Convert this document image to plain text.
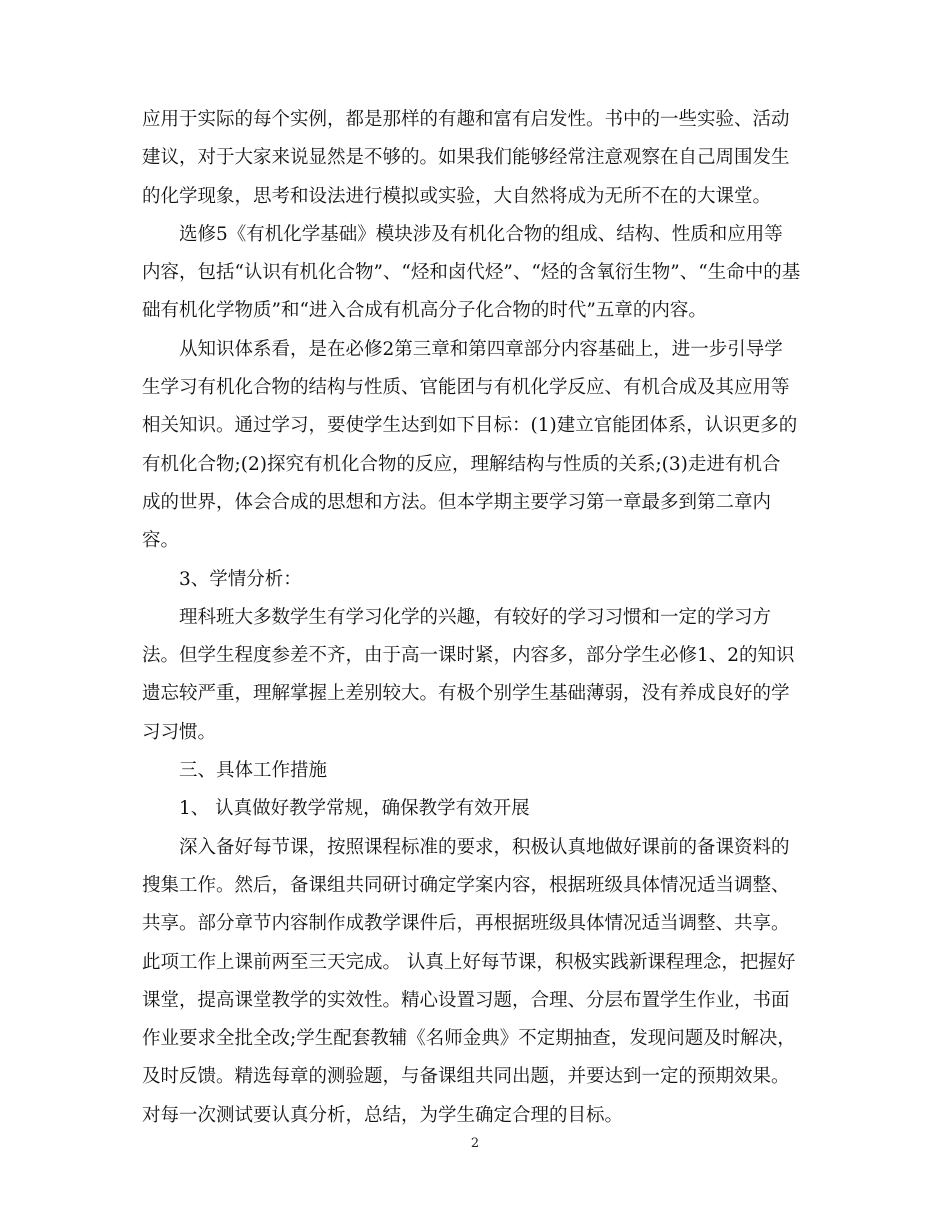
应用于实际的每个实例，都是那样的有趣和富有启发性。书中的一些实验、活动
建议，对于大家来说显然是不够的。如果我们能够经常注意观察在自己周围发生
的化学现象，思考和设法进行模拟或实验，大自然将成为无所不在的大课堂。
选修5《有机化学基础》模块涉及有机化合物的组成、结构、性质和应用等
内容，包括“认识有机化合物”、“烃和卤代烃”、“烃的含氧衍生物”、“生命中的基
础有机化学物质”和“进入合成有机高分子化合物的时代”五章的内容。
从知识体系看，是在必修2第三章和第四章部分内容基础上，进一步引导学
生学习有机化合物的结构与性质、官能团与有机化学反应、有机合成及其应用等
相关知识。通过学习，要使学生达到如下目标：(1)建立官能团体系，认识更多的
有机化合物;(2)探究有机化合物的反应，理解结构与性质的关系;(3)走进有机合
成的世界，体会合成的思想和方法。但本学期主要学习第一章最多到第二章内
容。
3、学情分析：
理科班大多数学生有学习化学的兴趣，有较好的学习习惯和一定的学习方
法。但学生程度参差不齐，由于高一课时紧，内容多，部分学生必修1、2的知识
遗忘较严重，理解掌握上差别较大。有极个别学生基础薄弱，没有养成良好的学
习习惯。
三、具体工作措施
1、 认真做好教学常规，确保教学有效开展
深入备好每节课，按照课程标准的要求，积极认真地做好课前的备课资料的
搜集工作。然后，备课组共同研讨确定学案内容，根据班级具体情况适当调整、
共享。部分章节内容制作成教学课件后，再根据班级具体情况适当调整、共享。
此项工作上课前两至三天完成。 认真上好每节课，积极实践新课程理念，把握好
课堂，提高课堂教学的实效性。精心设置习题，合理、分层布置学生作业，书面
作业要求全批全改;学生配套教辅《名师金典》不定期抽查，发现问题及时解决，
及时反馈。精选每章的测验题，与备课组共同出题，并要达到一定的预期效果。
对每一次测试要认真分析，总结，为学生确定合理的目标。
2
